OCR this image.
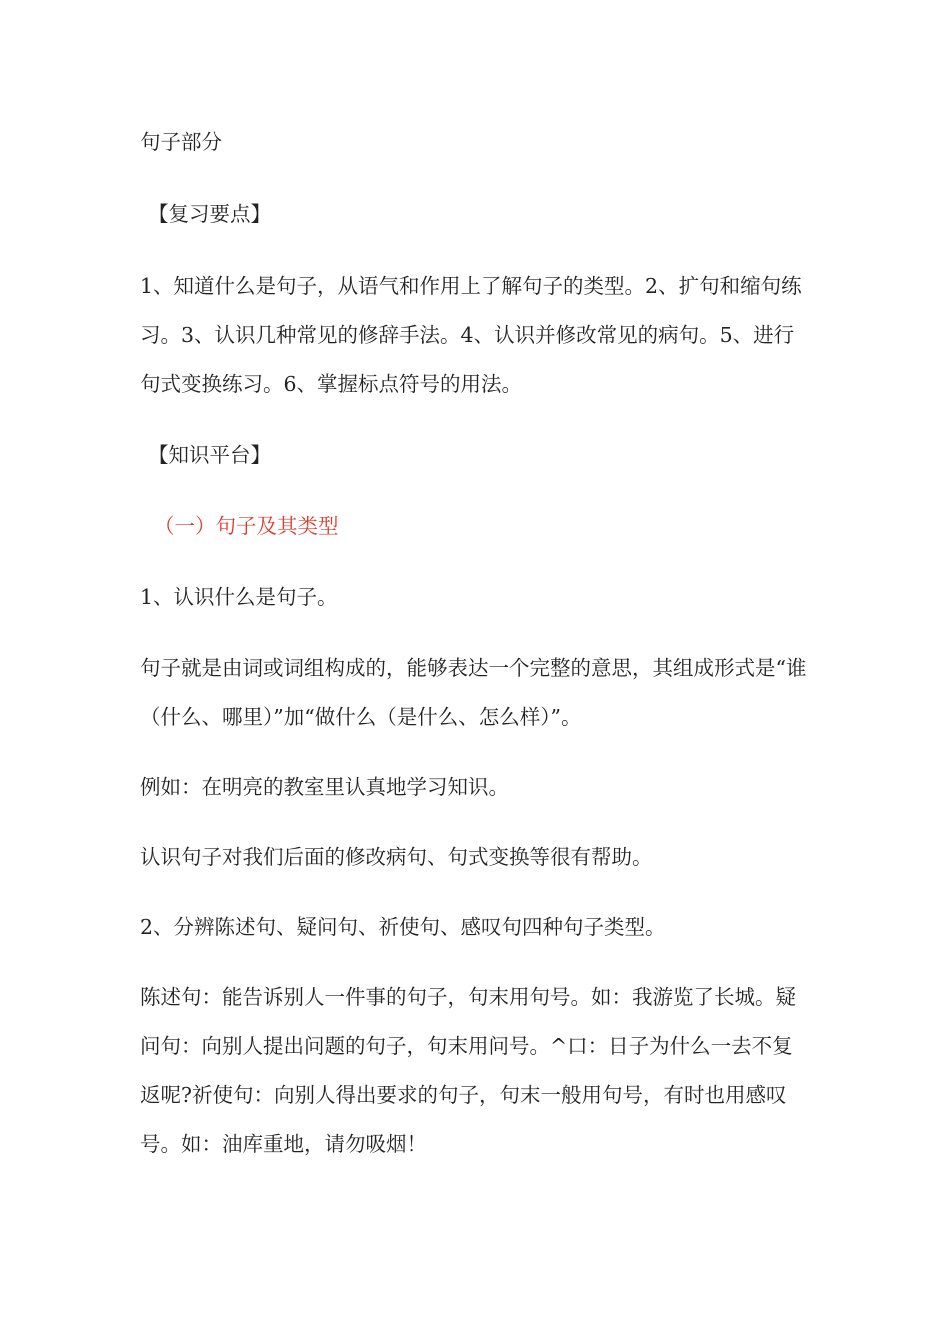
句子部分

【复习要点】

1、知道什么是句子，从语气和作用上了解句子的类型。2、扩句和缩句练习。3、认识几种常见的修辞手法。4、认识并修改常见的病句。5、进行句式变换练习。6、掌握标点符号的用法。

【知识平台】

（一）句子及其类型

1、认识什么是句子。

句子就是由词或词组构成的，能够表达一个完整的意思，其组成形式是“谁（什么、哪里）”加“做什么（是什么、怎么样）”。

例如：在明亮的教室里认真地学习知识。

认识句子对我们后面的修改病句、句式变换等很有帮助。

2、分辨陈述句、疑问句、祈使句、感叹句四种句子类型。

陈述句：能告诉别人一件事的句子，句末用句号。如：我游览了长城。疑问句：向别人提出问题的句子，句末用问号。^口：日子为什么一去不复返呢?祈使句：向别人得出要求的句子，句末一般用句号，有时也用感叹号。如：油库重地，请勿吸烟！
